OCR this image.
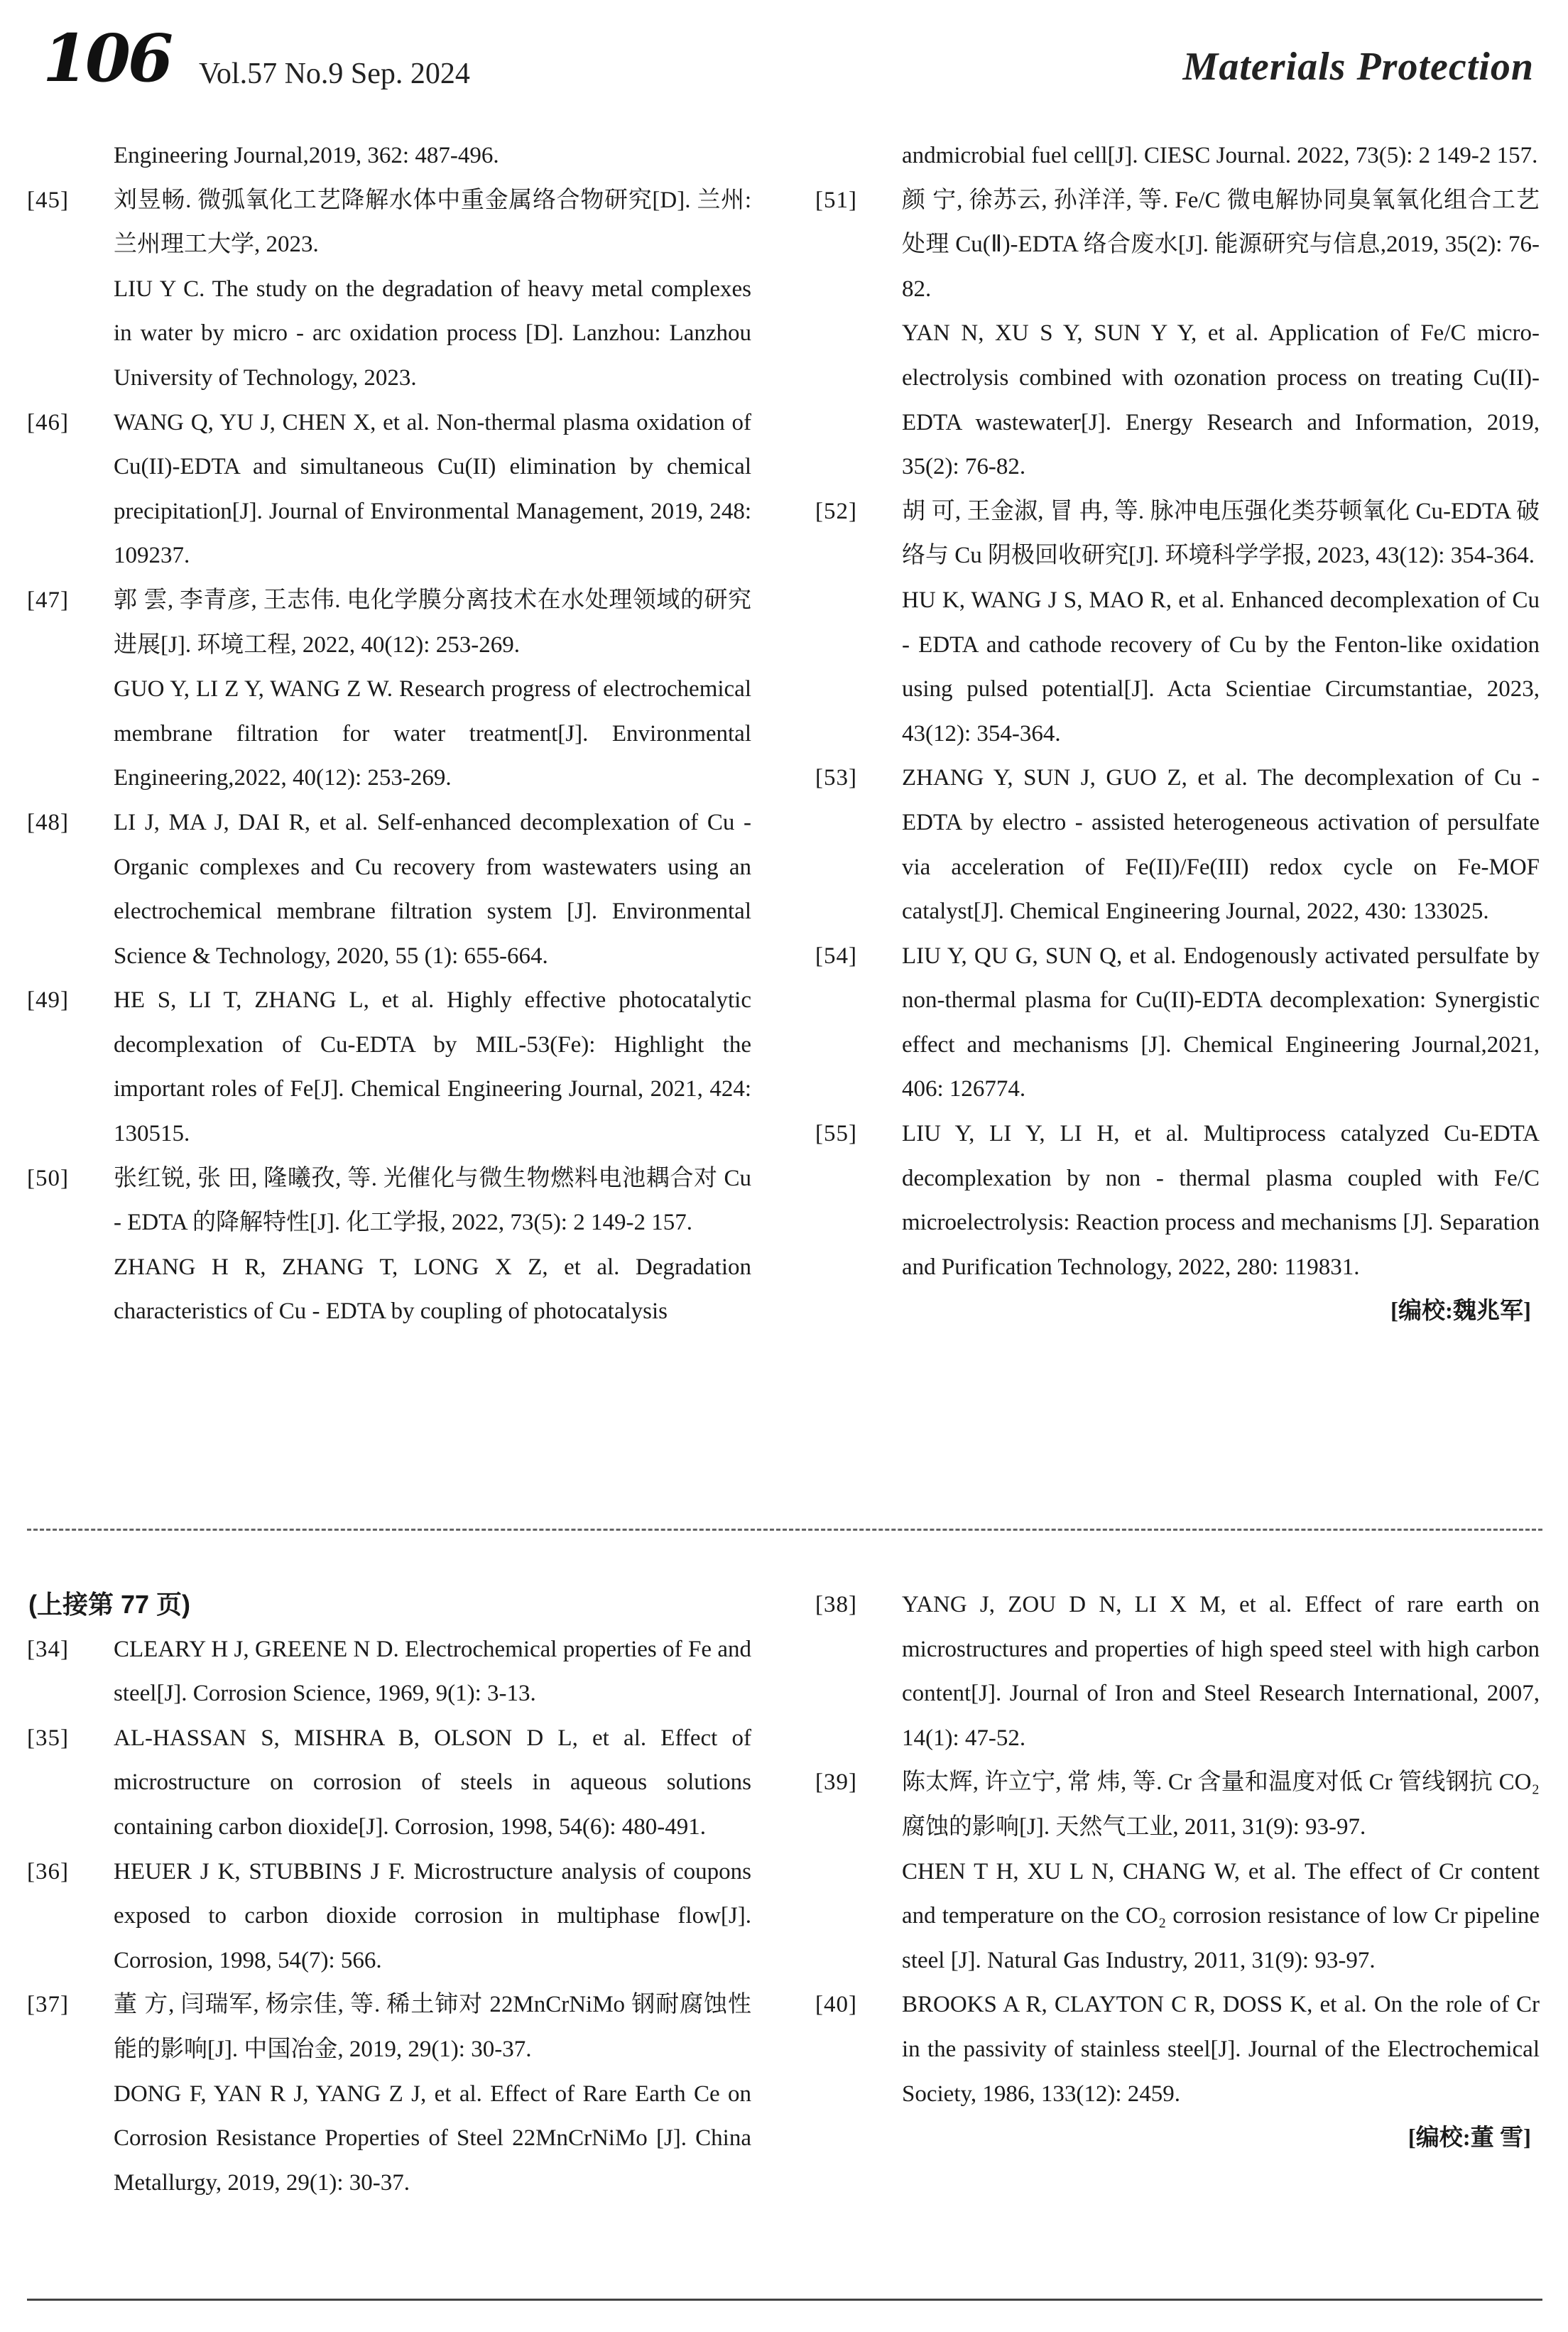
106 Vol.57 No.9 Sep. 2024	Materials Protection
Engineering Journal,2019, 362: 487-496.
[45] 刘昱畅. 微弧氧化工艺降解水体中重金属络合物研究[D]. 兰州:兰州理工大学, 2023.
LIU Y C. The study on the degradation of heavy metal complexes in water by micro - arc oxidation process [D]. Lanzhou: Lanzhou University of Technology, 2023.
[46] WANG Q, YU J, CHEN X, et al. Non-thermal plasma oxidation of Cu(II)-EDTA and simultaneous Cu(II) elimination by chemical precipitation[J]. Journal of Environmental Management, 2019, 248: 109237.
[47] 郭 雲, 李青彦, 王志伟. 电化学膜分离技术在水处理领域的研究进展[J]. 环境工程, 2022, 40(12): 253-269.
GUO Y, LI Z Y, WANG Z W. Research progress of electrochemical membrane filtration for water treatment[J]. Environmental Engineering,2022, 40(12): 253-269.
[48] LI J, MA J, DAI R, et al. Self-enhanced decomplexation of Cu - Organic complexes and Cu recovery from wastewaters using an electrochemical membrane filtration system [J]. Environmental Science & Technology, 2020, 55 (1): 655-664.
[49] HE S, LI T, ZHANG L, et al. Highly effective photocatalytic decomplexation of Cu-EDTA by MIL-53(Fe): Highlight the important roles of Fe[J]. Chemical Engineering Journal, 2021, 424: 130515.
[50] 张红锐, 张 田, 隆曦孜, 等. 光催化与微生物燃料电池耦合对 Cu - EDTA 的降解特性[J]. 化工学报, 2022, 73(5): 2 149-2 157.
ZHANG H R, ZHANG T, LONG X Z, et al. Degradation characteristics of Cu - EDTA by coupling of photocatalysis
andmicrobial fuel cell[J]. CIESC Journal. 2022, 73(5): 2 149-2 157.
[51] 颜 宁, 徐苏云, 孙洋洋, 等. Fe/C 微电解协同臭氧氧化组合工艺处理 Cu(Ⅱ)-EDTA 络合废水[J]. 能源研究与信息,2019, 35(2): 76-82.
YAN N, XU S Y, SUN Y Y, et al. Application of Fe/C micro-electrolysis combined with ozonation process on treating Cu(II)-EDTA wastewater[J]. Energy Research and Information, 2019, 35(2): 76-82.
[52] 胡 可, 王金淑, 冒 冉, 等. 脉冲电压强化类芬顿氧化 Cu-EDTA 破络与 Cu 阴极回收研究[J]. 环境科学学报, 2023, 43(12): 354-364.
HU K, WANG J S, MAO R, et al. Enhanced decomplexation of Cu - EDTA and cathode recovery of Cu by the Fenton-like oxidation using pulsed potential[J]. Acta Scientiae Circumstantiae, 2023, 43(12): 354-364.
[53] ZHANG Y, SUN J, GUO Z, et al. The decomplexation of Cu - EDTA by electro - assisted heterogeneous activation of persulfate via acceleration of Fe(II)/Fe(III) redox cycle on Fe-MOF catalyst[J]. Chemical Engineering Journal, 2022, 430: 133025.
[54] LIU Y, QU G, SUN Q, et al. Endogenously activated persulfate by non-thermal plasma for Cu(II)-EDTA decomplexation: Synergistic effect and mechanisms [J]. Chemical Engineering Journal,2021, 406: 126774.
[55] LIU Y, LI Y, LI H, et al. Multiprocess catalyzed Cu-EDTA decomplexation by non - thermal plasma coupled with Fe/C microelectrolysis: Reaction process and mechanisms [J]. Separation and Purification Technology, 2022, 280: 119831.
[编校:魏兆军]
(上接第 77 页)
[34] CLEARY H J, GREENE N D. Electrochemical properties of Fe and steel[J]. Corrosion Science, 1969, 9(1): 3-13.
[35] AL-HASSAN S, MISHRA B, OLSON D L, et al. Effect of microstructure on corrosion of steels in aqueous solutions containing carbon dioxide[J]. Corrosion, 1998, 54(6): 480-491.
[36] HEUER J K, STUBBINS J F. Microstructure analysis of coupons exposed to carbon dioxide corrosion in multiphase flow[J]. Corrosion, 1998, 54(7): 566.
[37] 董 方, 闫瑞军, 杨宗佳, 等. 稀土铈对 22MnCrNiMo 钢耐腐蚀性能的影响[J]. 中国冶金, 2019, 29(1): 30-37.
DONG F, YAN R J, YANG Z J, et al. Effect of Rare Earth Ce on Corrosion Resistance Properties of Steel 22MnCrNiMo [J]. China Metallurgy, 2019, 29(1): 30-37.
[38] YANG J, ZOU D N, LI X M, et al. Effect of rare earth on microstructures and properties of high speed steel with high carbon content[J]. Journal of Iron and Steel Research International, 2007, 14(1): 47-52.
[39] 陈太辉, 许立宁, 常 炜, 等. Cr 含量和温度对低 Cr 管线钢抗 CO₂腐蚀的影响[J]. 天然气工业, 2011, 31(9): 93-97.
CHEN T H, XU L N, CHANG W, et al. The effect of Cr content and temperature on the CO₂ corrosion resistance of low Cr pipeline steel [J]. Natural Gas Industry, 2011, 31(9): 93-97.
[40] BROOKS A R, CLAYTON C R, DOSS K, et al. On the role of Cr in the passivity of stainless steel[J]. Journal of the Electrochemical Society, 1986, 133(12): 2459.
[编校:董 雪]
